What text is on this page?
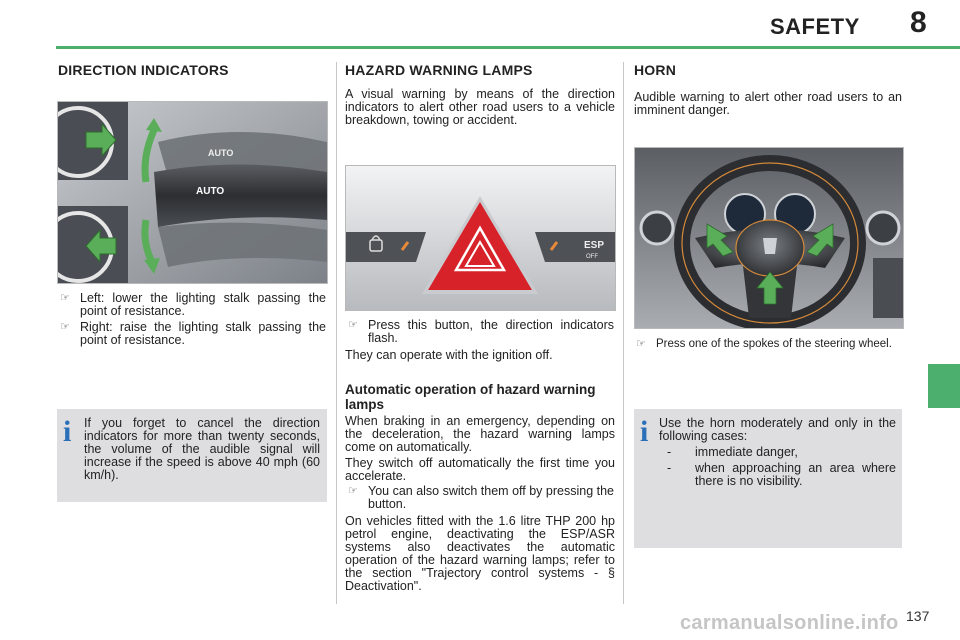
SAFETY 8
DIRECTION INDICATORS
AUTO
AUTO
☞ Left: lower the lighting stalk passing the point of resistance.
☞ Right: raise the lighting stalk passing the point of resistance.
i If you forget to cancel the direction indicators for more than twenty seconds, the volume of the audible signal will increase if the speed is above 40 mph (60 km/h).
HAZARD WARNING LAMPS
A visual warning by means of the direction indicators to alert other road users to a vehicle breakdown, towing or accident.
ESP
OFF
☞ Press this button, the direction indicators flash.
They can operate with the ignition off.
Automatic operation of hazard warning lamps
When braking in an emergency, depending on the deceleration, the hazard warning lamps come on automatically.
They switch off automatically the first time you accelerate.
☞ You can also switch them off by pressing the button.
On vehicles fitted with the 1.6 litre THP 200 hp petrol engine, deactivating the ESP/ASR systems also deactivates the automatic operation of the hazard warning lamps; refer to the section "Trajectory control systems - § Deactivation".
HORN
Audible warning to alert other road users to an imminent danger.
☞ Press one of the spokes of the steering wheel.
i Use the horn moderately and only in the following cases:
-	immediate danger,
-	when approaching an area where there is no visibility.
carmanualsonline.info 137
